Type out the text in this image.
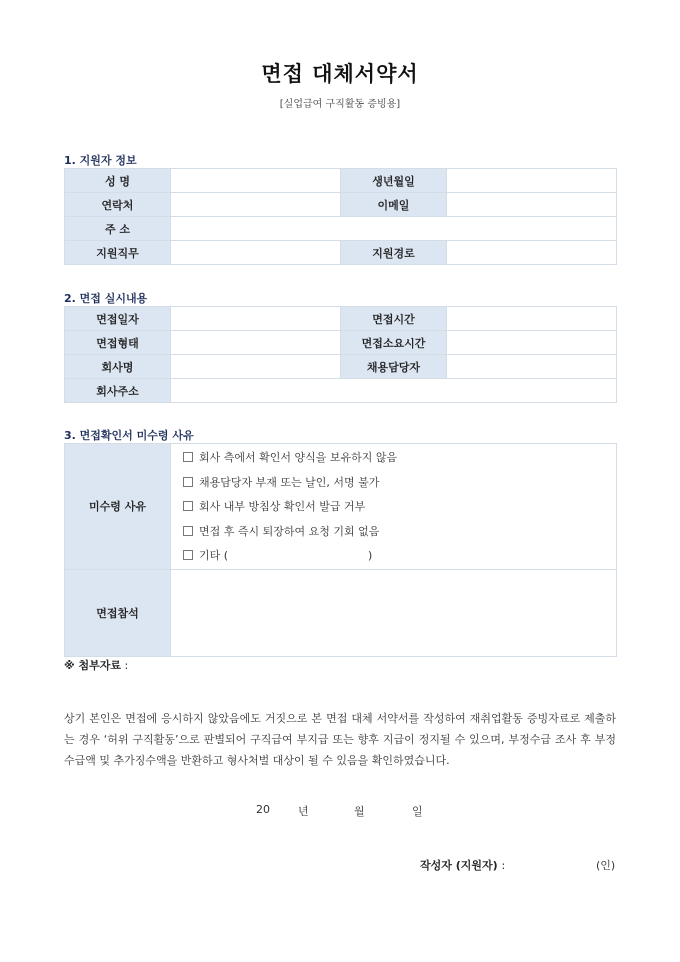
면접 대체서약서
[실업급여 구직활동 증빙용]
1. 지원자 정보
성 명		생년월일	
연락처		이메일	
주 소			
지원직무		지원경로	
2. 면접 실시내용
면접일자		면접시간	
면접형태		면접소요시간	
회사명		채용담당자	
회사주소			
3. 면접확인서 미수령 사유
미수령 사유	회사 측에서 확인서 양식을 보유하지 않음
채용담당자 부재 또는 날인, 서명 불가
회사 내부 방침상 확인서 발급 거부
면접 후 즉시 퇴장하여 요청 기회 없음
기타 ( )

면접참석	
※ 첨부자료 :
상기 본인은 면접에 응시하지 않았음에도 거짓으로 본 면접 대체 서약서를 작성하여 재취업활동 증빙자료로 제출하는 경우 ‘허위 구직활동’으로 판별되어 구직급여 부지급 또는 향후 지급이 정지될 수 있으며, 부정수급 조사 후 부정수급액 및 추가징수액을 반환하고 형사처벌 대상이 될 수 있음을 확인하였습니다.
20	년	월	일
작성자 (지원자) :	(인)
